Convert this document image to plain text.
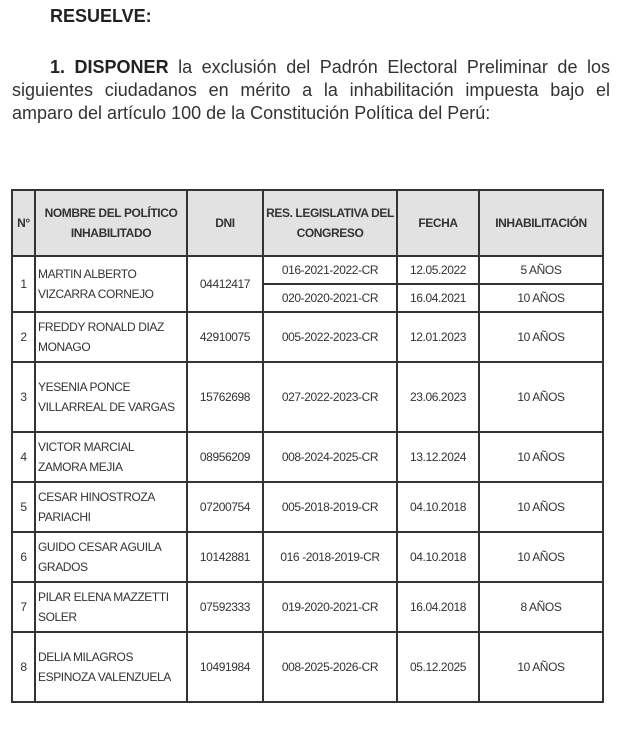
RESUELVE:
1. DISPONER la exclusión del Padrón Electoral Preliminar de los siguientes ciudadanos en mérito a la inhabilitación impuesta bajo el amparo del artículo 100 de la Constitución Política del Perú:
N°	NOMBRE DEL POLÍTICO INHABILITADO	DNI	RES. LEGISLATIVA DEL CONGRESO	FECHA	INHABILITACIÓN
1	MARTIN ALBERTO VIZCARRA CORNEJO	04412417	016-2021-2022-CR	12.05.2022	5 AÑOS
			020-2020-2021-CR	16.04.2021	10 AÑOS
2	FREDDY RONALD DIAZ MONAGO	42910075	005-2022-2023-CR	12.01.2023	10 AÑOS
3	YESENIA PONCE VILLARREAL DE VARGAS	15762698	027-2022-2023-CR	23.06.2023	10 AÑOS
4	VICTOR MARCIAL ZAMORA MEJIA	08956209	008-2024-2025-CR	13.12.2024	10 AÑOS
5	CESAR HINOSTROZA PARIACHI	07200754	005-2018-2019-CR	04.10.2018	10 AÑOS
6	GUIDO CESAR AGUILA GRADOS	10142881	016 -2018-2019-CR	04.10.2018	10 AÑOS
7	PILAR ELENA MAZZETTI SOLER	07592333	019-2020-2021-CR	16.04.2018	8 AÑOS
8	DELIA MILAGROS ESPINOZA VALENZUELA	10491984	008-2025-2026-CR	05.12.2025	10 AÑOS
